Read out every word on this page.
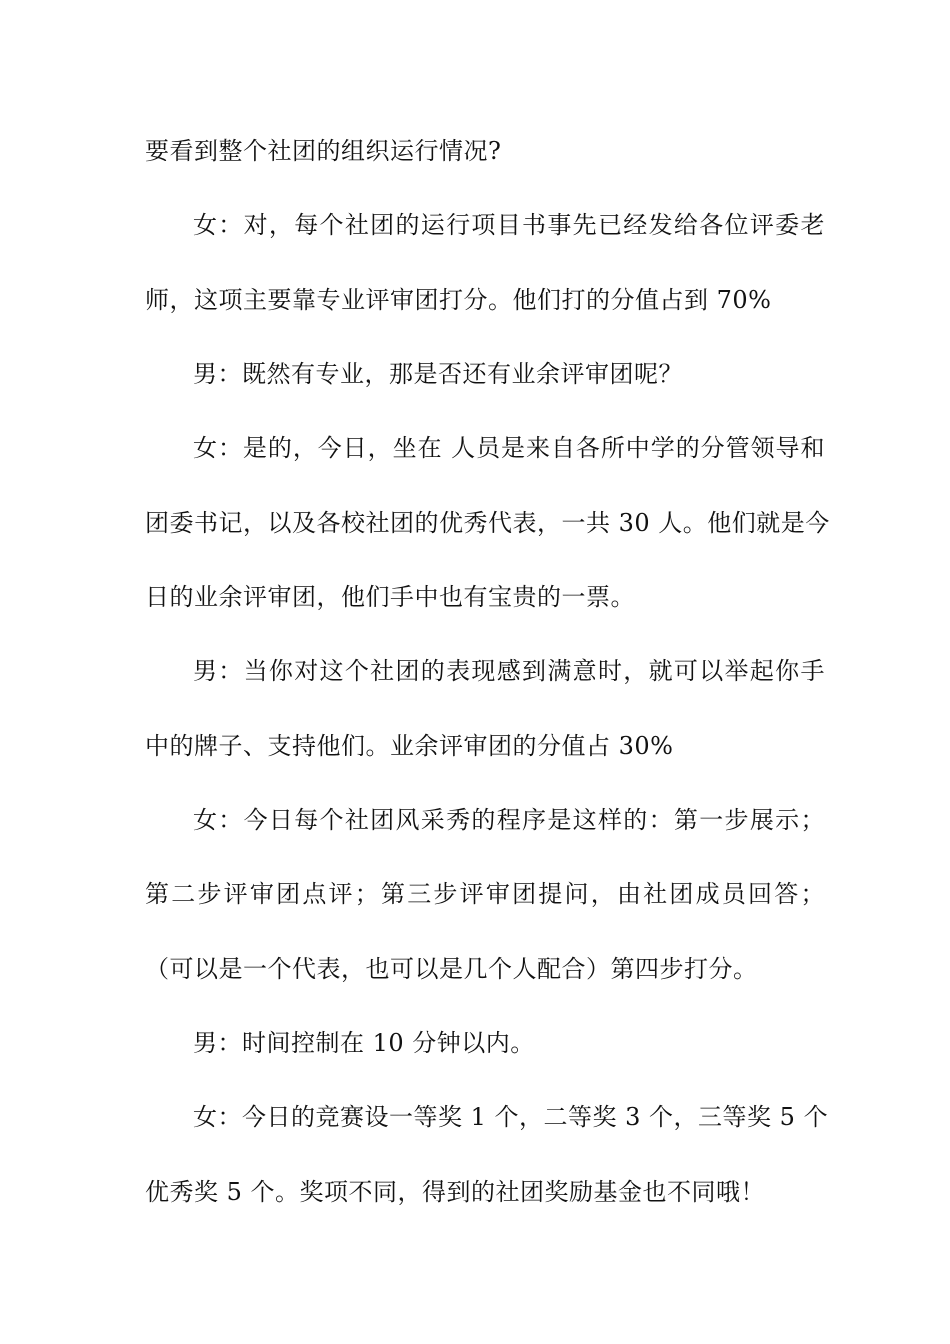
要看到整个社团的组织运行情况?
女：对，每个社团的运行项目书事先已经发给各位评委老
师，这项主要靠专业评审团打分。他们打的分值占到 70%
男：既然有专业，那是否还有业余评审团呢？
女：是的，今日，坐在 人员是来自各所中学的分管领导和
团委书记，以及各校社团的优秀代表，一共 30 人。他们就是今
日的业余评审团，他们手中也有宝贵的一票。
男：当你对这个社团的表现感到满意时，就可以举起你手
中的牌子、支持他们。业余评审团的分值占 30%
女：今日每个社团风采秀的程序是这样的：第一步展示；
第二步评审团点评；第三步评审团提问，由社团成员回答；
（可以是一个代表，也可以是几个人配合）第四步打分。
男：时间控制在 10 分钟以内。
女：今日的竞赛设一等奖 1 个，二等奖 3 个，三等奖 5 个
优秀奖 5 个。奖项不同，得到的社团奖励基金也不同哦！
